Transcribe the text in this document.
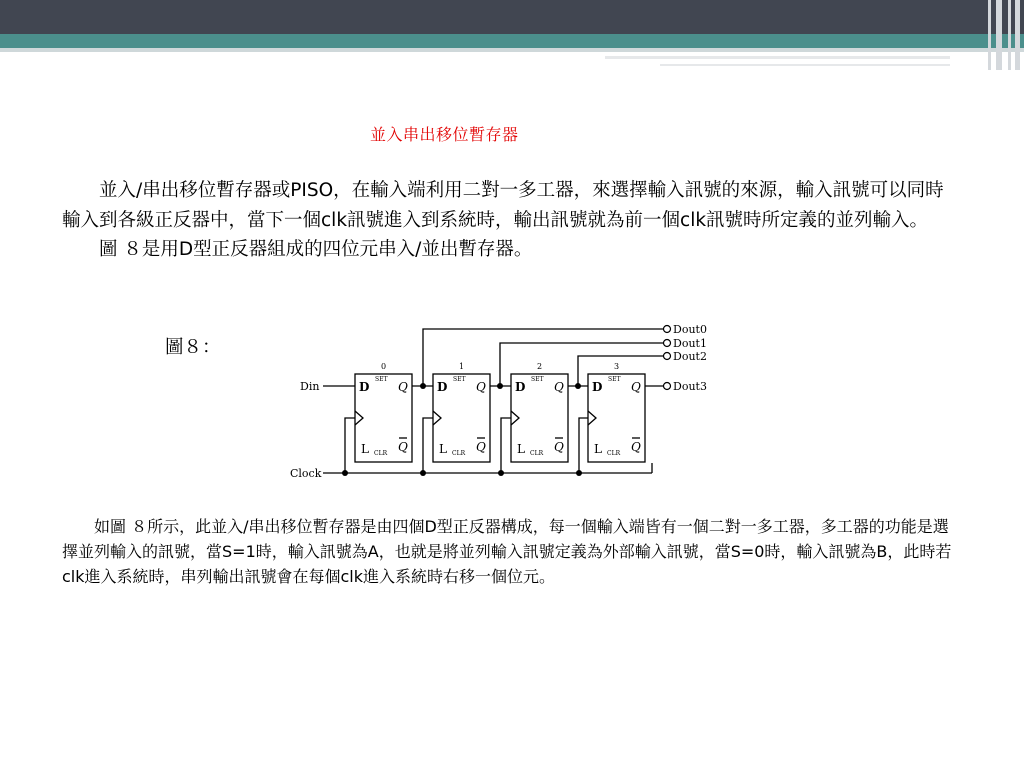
並入串出移位暫存器
　　並入/串出移位暫存器或PISO，在輸入端利用二對一多工器，來選擇輸入訊號的來源，輸入訊號可以同時輸入到各級正反器中，當下一個clk訊號進入到系統時，輸出訊號就為前一個clk訊號時所定義的並列輸入。
　　圖 ８是用D型正反器組成的四位元串入/並出暫存器。
圖８：
Din
Clock
Dout0
Dout1
Dout2
Dout3
0	1	2	3
SET
D Q
L CLR Q
SET
D Q
L CLR Q
SET
D Q
L CLR Q
SET
D Q
L CLR Q
　　如圖 ８所示，此並入/串出移位暫存器是由四個D型正反器構成，每一個輸入端皆有一個二對一多工器，多工器的功能是選擇並列輸入的訊號，當S=1時，輸入訊號為A，也就是將並列輸入訊號定義為外部輸入訊號，當S=0時，輸入訊號為B，此時若clk進入系統時，串列輸出訊號會在每個clk進入系統時右移一個位元。
